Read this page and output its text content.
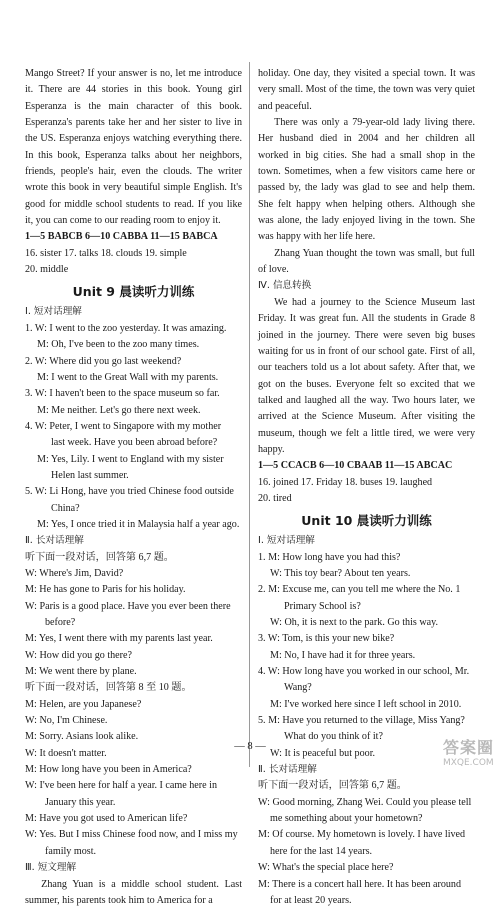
Mango Street? If your answer is no, let me introduce it. There are 44 stories in this book. Young girl Esperanza is the main character of this book. Esperanza's parents take her and her sister to live in the US. Esperanza enjoys watching everything there. In this book, Esperanza talks about her neighbors, friends, people's hair, even the clouds. The writer wrote this book in very beautiful simple English. It's good for middle school students to read. If you like it, you can come to our reading room to enjoy it.
1—5 BABCB 6—10 CABBA 11—15 BABCA
16. sister 17. talks 18. clouds 19. simple
20. middle
Unit 9 晨读听力训练
Ⅰ. 短对话理解
1. W: I went to the zoo yesterday. It was amazing.
M: Oh, I've been to the zoo many times.
2. W: Where did you go last weekend?
M: I went to the Great Wall with my parents.
3. W: I haven't been to the space museum so far.
M: Me neither. Let's go there next week.
4. W: Peter, I went to Singapore with my mother
last week. Have you been abroad before?
M: Yes, Lily. I went to England with my sister
Helen last summer.
5. W: Li Hong, have you tried Chinese food outside
China?
M: Yes, I once tried it in Malaysia half a year ago.
Ⅱ. 长对话理解
听下面一段对话，回答第 6,7 题。
W: Where's Jim, David?
M: He has gone to Paris for his holiday.
W: Paris is a good place. Have you ever been there
before?
M: Yes, I went there with my parents last year.
W: How did you go there?
M: We went there by plane.
听下面一段对话，回答第 8 至 10 题。
M: Helen, are you Japanese?
W: No, I'm Chinese.
M: Sorry. Asians look alike.
W: It doesn't matter.
M: How long have you been in America?
W: I've been here for half a year. I came here in
January this year.
M: Have you got used to American life?
W: Yes. But I miss Chinese food now, and I miss my
family most.
Ⅲ. 短文理解
Zhang Yuan is a middle school student. Last summer, his parents took him to America for a
holiday. One day, they visited a special town. It was very small. Most of the time, the town was very quiet and peaceful.
There was only a 79-year-old lady living there. Her husband died in 2004 and her children all worked in big cities. She had a small shop in the town. Sometimes, when a few visitors came here or passed by, the lady was glad to see and help them. She felt happy when helping others. Although she was alone, the lady enjoyed living in the town. She was happy with her life here.
Zhang Yuan thought the town was small, but full of love.
Ⅳ. 信息转换
We had a journey to the Science Museum last Friday. It was great fun. All the students in Grade 8 joined in the journey. There were seven big buses waiting for us in front of our school gate. First of all, our teachers told us a lot about safety. After that, we got on the buses. Everyone felt so excited that we talked and laughed all the way. Two hours later, we arrived at the Science Museum. After visiting the museum, though we felt a little tired, we were very happy.
1—5 CCACB 6—10 CBAAB 11—15 ABCAC
16. joined 17. Friday 18. buses 19. laughed
20. tired
Unit 10 晨读听力训练
Ⅰ. 短对话理解
1. M: How long have you had this?
W: This toy bear? About ten years.
2. M: Excuse me, can you tell me where the No. 1
Primary School is?
W: Oh, it is next to the park. Go this way.
3. W: Tom, is this your new bike?
M: No, I have had it for three years.
4. W: How long have you worked in our school, Mr.
Wang?
M: I've worked here since I left school in 2010.
5. M: Have you returned to the village, Miss Yang?
What do you think of it?
W: It is peaceful but poor.
Ⅱ. 长对话理解
听下面一段对话，回答第 6,7 题。
W: Good morning, Zhang Wei. Could you please tell
me something about your hometown?
M: Of course. My hometown is lovely. I have lived
here for the last 14 years.
W: What's the special place here?
M: There is a concert hall here. It has been around
for at least 20 years.
— 8 —	答案圈
MXQE.COM
